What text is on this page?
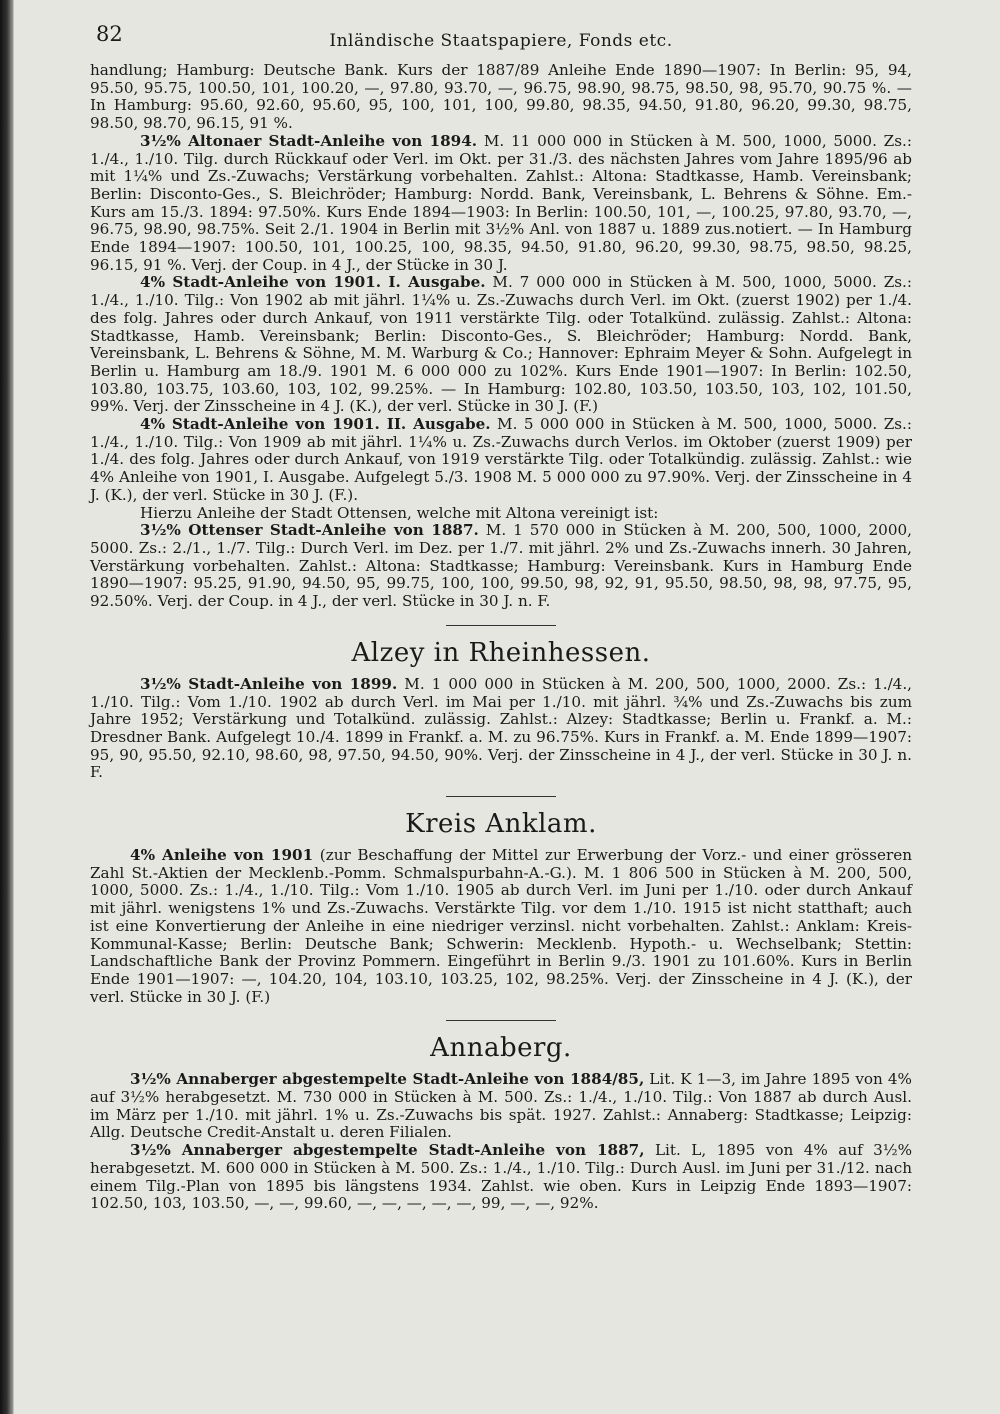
82	Inländische Staatspapiere, Fonds etc.

handlung; Hamburg: Deutsche Bank. Kurs der 1887/89 Anleihe Ende 1890—1907: In Berlin: 95, 94, 95.50, 95.75, 100.50, 101, 100.20, —, 97.80, 93.70, —, 96.75, 98.90, 98.75, 98.50, 98, 95.70, 90.75 %. — In Hamburg: 95.60, 92.60, 95.60, 95, 100, 101, 100, 99.80, 98.35, 94.50, 91.80, 96.20, 99.30, 98.75, 98.50, 98.70, 96.15, 91 %.

3½% Altonaer Stadt-Anleihe von 1894. M. 11 000 000 in Stücken à M. 500, 1000, 5000. Zs.: 1./4., 1./10. Tilg. durch Rückkauf oder Verl. im Okt. per 31./3. des nächsten Jahres vom Jahre 1895/96 ab mit 1¼% und Zs.-Zuwachs; Verstärkung vorbehalten. Zahlst.: Altona: Stadtkasse, Hamb. Vereinsbank; Berlin: Disconto-Ges., S. Bleichröder; Hamburg: Nordd. Bank, Vereinsbank, L. Behrens & Söhne. Em.-Kurs am 15./3. 1894: 97.50%. Kurs Ende 1894—1903: In Berlin: 100.50, 101, —, 100.25, 97.80, 93.70, —, 96.75, 98.90, 98.75%. Seit 2./1. 1904 in Berlin mit 3½% Anl. von 1887 u. 1889 zus.notiert. — In Hamburg Ende 1894—1907: 100.50, 101, 100.25, 100, 98.35, 94.50, 91.80, 96.20, 99.30, 98.75, 98.50, 98.25, 96.15, 91 %. Verj. der Coup. in 4 J., der Stücke in 30 J.

4% Stadt-Anleihe von 1901. I. Ausgabe. M. 7 000 000 in Stücken à M. 500, 1000, 5000. Zs.: 1./4., 1./10. Tilg.: Von 1902 ab mit jährl. 1¼% u. Zs.-Zuwachs durch Verl. im Okt. (zuerst 1902) per 1./4. des folg. Jahres oder durch Ankauf, von 1911 verstärkte Tilg. oder Totalkünd. zulässig. Zahlst.: Altona: Stadtkasse, Hamb. Vereinsbank; Berlin: Disconto-Ges., S. Bleichröder; Hamburg: Nordd. Bank, Vereinsbank, L. Behrens & Söhne, M. M. Warburg & Co.; Hannover: Ephraim Meyer & Sohn. Aufgelegt in Berlin u. Hamburg am 18./9. 1901 M. 6 000 000 zu 102%. Kurs Ende 1901—1907: In Berlin: 102.50, 103.80, 103.75, 103.60, 103, 102, 99.25%. — In Hamburg: 102.80, 103.50, 103.50, 103, 102, 101.50, 99%. Verj. der Zinsscheine in 4 J. (K.), der verl. Stücke in 30 J. (F.)

4% Stadt-Anleihe von 1901. II. Ausgabe. M. 5 000 000 in Stücken à M. 500, 1000, 5000. Zs.: 1./4., 1./10. Tilg.: Von 1909 ab mit jährl. 1¼% u. Zs.-Zuwachs durch Verlos. im Oktober (zuerst 1909) per 1./4. des folg. Jahres oder durch Ankauf, von 1919 verstärkte Tilg. oder Totalkündig. zulässig. Zahlst.: wie 4% Anleihe von 1901, I. Ausgabe. Aufgelegt 5./3. 1908 M. 5 000 000 zu 97.90%. Verj. der Zinsscheine in 4 J. (K.), der verl. Stücke in 30 J. (F.).

Hierzu Anleihe der Stadt Ottensen, welche mit Altona vereinigt ist:

3½% Ottenser Stadt-Anleihe von 1887. M. 1 570 000 in Stücken à M. 200, 500, 1000, 2000, 5000. Zs.: 2./1., 1./7. Tilg.: Durch Verl. im Dez. per 1./7. mit jährl. 2% und Zs.-Zuwachs innerh. 30 Jahren, Verstärkung vorbehalten. Zahlst.: Altona: Stadtkasse; Hamburg: Vereinsbank. Kurs in Hamburg Ende 1890—1907: 95.25, 91.90, 94.50, 95, 99.75, 100, 100, 99.50, 98, 92, 91, 95.50, 98.50, 98, 98, 97.75, 95, 92.50%. Verj. der Coup. in 4 J., der verl. Stücke in 30 J. n. F.

Alzey in Rheinhessen.

3½% Stadt-Anleihe von 1899. M. 1 000 000 in Stücken à M. 200, 500, 1000, 2000. Zs.: 1./4., 1./10. Tilg.: Vom 1./10. 1902 ab durch Verl. im Mai per 1./10. mit jährl. ¾% und Zs.-Zuwachs bis zum Jahre 1952; Verstärkung und Totalkünd. zulässig. Zahlst.: Alzey: Stadtkasse; Berlin u. Frankf. a. M.: Dresdner Bank. Aufgelegt 10./4. 1899 in Frankf. a. M. zu 96.75%. Kurs in Frankf. a. M. Ende 1899—1907: 95, 90, 95.50, 92.10, 98.60, 98, 97.50, 94.50, 90%. Verj. der Zinsscheine in 4 J., der verl. Stücke in 30 J. n. F.

Kreis Anklam.

4% Anleihe von 1901 (zur Beschaffung der Mittel zur Erwerbung der Vorz.- und einer grösseren Zahl St.-Aktien der Mecklenb.-Pomm. Schmalspurbahn-A.-G.). M. 1 806 500 in Stücken à M. 200, 500, 1000, 5000. Zs.: 1./4., 1./10. Tilg.: Vom 1./10. 1905 ab durch Verl. im Juni per 1./10. oder durch Ankauf mit jährl. wenigstens 1% und Zs.-Zuwachs. Verstärkte Tilg. vor dem 1./10. 1915 ist nicht statthaft; auch ist eine Konvertierung der Anleihe in eine niedriger verzinsl. nicht vorbehalten. Zahlst.: Anklam: Kreis-Kommunal-Kasse; Berlin: Deutsche Bank; Schwerin: Mecklenb. Hypoth.- u. Wechselbank; Stettin: Landschaftliche Bank der Provinz Pommern. Eingeführt in Berlin 9./3. 1901 zu 101.60%. Kurs in Berlin Ende 1901—1907: —, 104.20, 104, 103.10, 103.25, 102, 98.25%. Verj. der Zinsscheine in 4 J. (K.), der verl. Stücke in 30 J. (F.)

Annaberg.

3½% Annaberger abgestempelte Stadt-Anleihe von 1884/85, Lit. K 1—3, im Jahre 1895 von 4% auf 3½% herabgesetzt. M. 730 000 in Stücken à M. 500. Zs.: 1./4., 1./10. Tilg.: Von 1887 ab durch Ausl. im März per 1./10. mit jährl. 1% u. Zs.-Zuwachs bis spät. 1927. Zahlst.: Annaberg: Stadtkasse; Leipzig: Allg. Deutsche Credit-Anstalt u. deren Filialen.

3½% Annaberger abgestempelte Stadt-Anleihe von 1887, Lit. L, 1895 von 4% auf 3½% herabgesetzt. M. 600 000 in Stücken à M. 500. Zs.: 1./4., 1./10. Tilg.: Durch Ausl. im Juni per 31./12. nach einem Tilg.-Plan von 1895 bis längstens 1934. Zahlst. wie oben. Kurs in Leipzig Ende 1893—1907: 102.50, 103, 103.50, —, —, 99.60, —, —, —, —, —, 99, —, —, 92%.
